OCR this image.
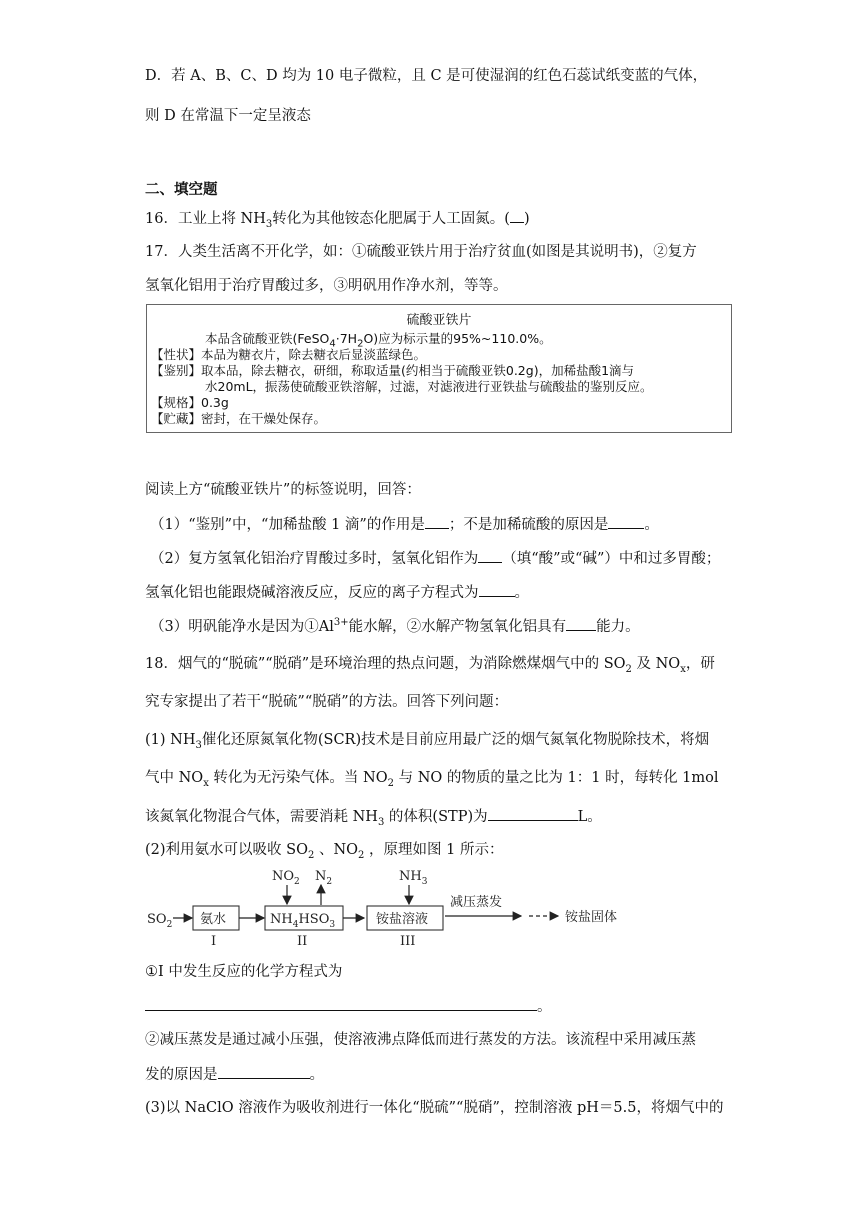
D．若 A、B、C、D 均为 10 电子微粒，且 C 是可使湿润的红色石蕊试纸变蓝的气体，
则 D 在常温下一定呈液态
二、填空题
16．工业上将 $NH_3$转化为其他铵态化肥属于人工固氮。( )
17．人类生活离不开化学，如：①硫酸亚铁片用于治疗贫血(如图是其说明书)，②复方
氢氧化铝用于治疗胃酸过多，③明矾用作净水剂，等等。
硫酸亚铁片
本品含硫酸亚铁$(FeSO_4\cdot 7H_2O)$应为标示量的95%~110.0%。
【性状】本品为糖衣片，除去糖衣后显淡蓝绿色。
【鉴别】取本品，除去糖衣，研细，称取适量(约相当于硫酸亚铁0.2g)，加稀盐酸1滴与
水20mL，振荡使硫酸亚铁溶解，过滤，对滤液进行亚铁盐与硫酸盐的鉴别反应。
【规格】0.3g
【贮藏】密封，在干燥处保存。
阅读上方“硫酸亚铁片”的标签说明，回答：
（1）“鉴别”中，“加稀盐酸 1 滴”的作用是 ；不是加稀硫酸的原因是 。
（2）复方氢氧化铝治疗胃酸过多时，氢氧化铝作为 （填“酸”或“碱”）中和过多胃酸；
氢氧化铝也能跟烧碱溶液反应，反应的离子方程式为 。
（3）明矾能净水是因为$①Al^{3+}$能水解，②水解产物氢氧化铝具有 能力。
18．烟气的“脱硫”“脱硝”是环境治理的热点问题，为消除燃煤烟气中的 $SO_2$ 及 $NO_x$，研
究专家提出了若干“脱硫”“脱硝”的方法。回答下列问题：
(1) $NH_3$催化还原氮氧化物(SCR)技术是目前应用最广泛的烟气氮氧化物脱除技术，将烟
气中 $NO_x$ 转化为无污染气体。当 $NO_2$ 与 NO 的物质的量之比为 1：1 时，每转化 1mol
该氮氧化物混合气体，需要消耗 $NH_3$ 的体积(STP)为	L。
(2)利用氨水可以吸收 $SO_2$ 、$NO_2$ ，原理如图 1 所示：
$SO_2$ 氨水
I
$NO_2$ $N_2$
$NH_4HSO_3$
II
$NH_3$
铵盐溶液
III
减压蒸发
铵盐固体
①I 中发生反应的化学方程式为
。
②减压蒸发是通过减小压强，使溶液沸点降低而进行蒸发的方法。该流程中采用减压蒸
发的原因是	。
(3)以 NaClO 溶液作为吸收剂进行一体化“脱硫”“脱硝”，控制溶液 pH＝5.5，将烟气中的
